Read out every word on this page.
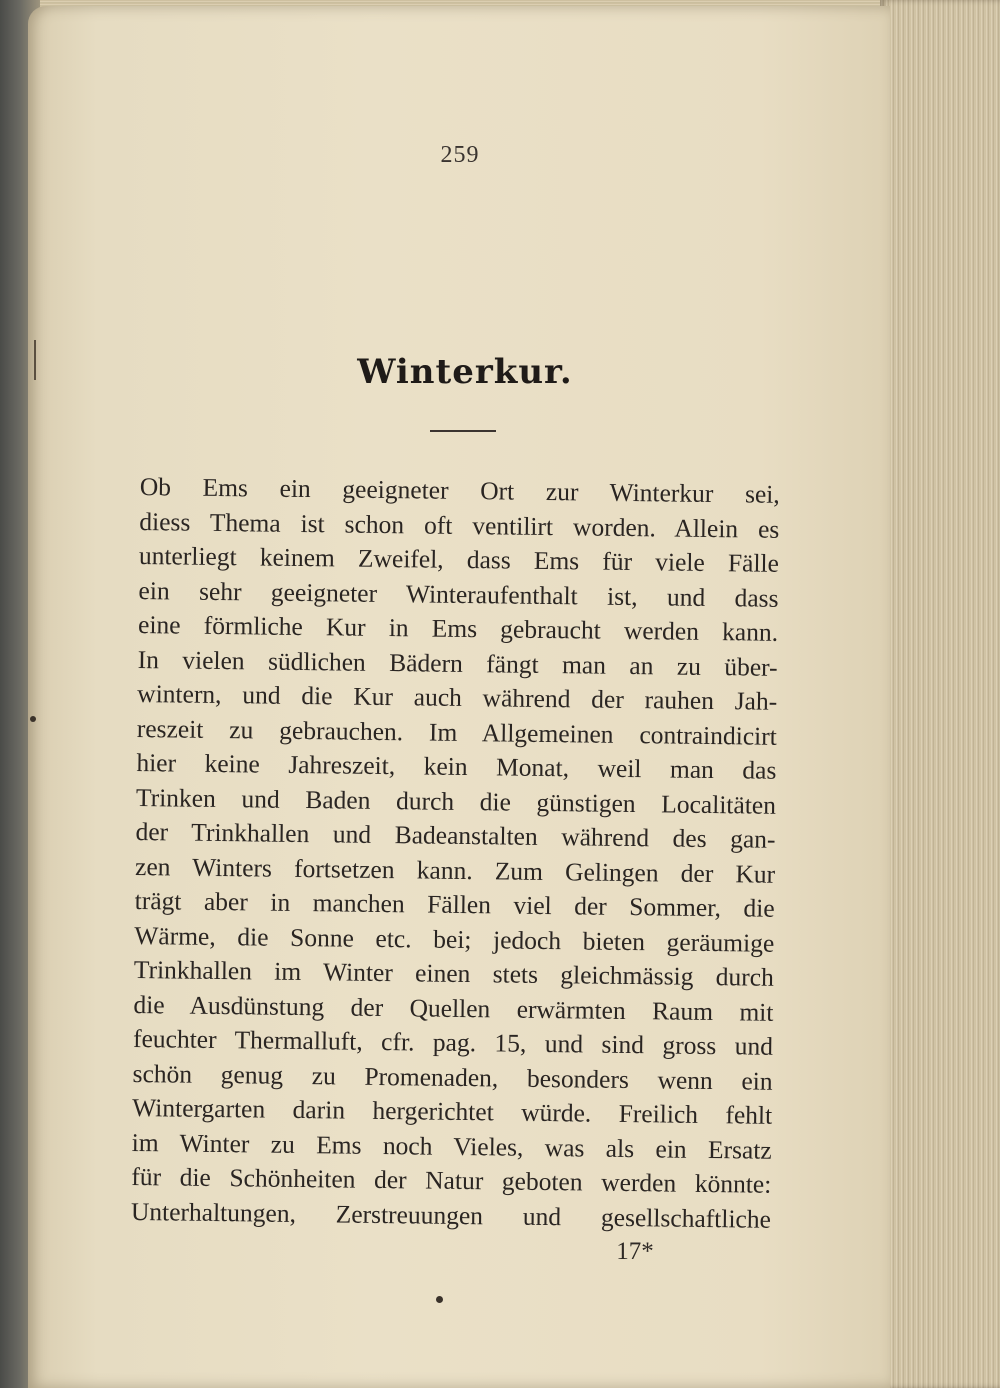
259
Winterkur.
Ob Ems ein geeigneter Ort zur Winterkur sei,
diess Thema ist schon oft ventilirt worden. Allein es
unterliegt keinem Zweifel, dass Ems für viele Fälle
ein sehr geeigneter Winteraufenthalt ist, und dass
eine förmliche Kur in Ems gebraucht werden kann.
In vielen südlichen Bädern fängt man an zu über-
wintern, und die Kur auch während der rauhen Jah-
reszeit zu gebrauchen. Im Allgemeinen contraindicirt
hier keine Jahreszeit, kein Monat, weil man das
Trinken und Baden durch die günstigen Localitäten
der Trinkhallen und Badeanstalten während des gan-
zen Winters fortsetzen kann. Zum Gelingen der Kur
trägt aber in manchen Fällen viel der Sommer, die
Wärme, die Sonne etc. bei; jedoch bieten geräumige
Trinkhallen im Winter einen stets gleichmässig durch
die Ausdünstung der Quellen erwärmten Raum mit
feuchter Thermalluft, cfr. pag. 15, und sind gross und
schön genug zu Promenaden, besonders wenn ein
Wintergarten darin hergerichtet würde. Freilich fehlt
im Winter zu Ems noch Vieles, was als ein Ersatz
für die Schönheiten der Natur geboten werden könnte:
Unterhaltungen, Zerstreuungen und gesellschaftliche
17*
